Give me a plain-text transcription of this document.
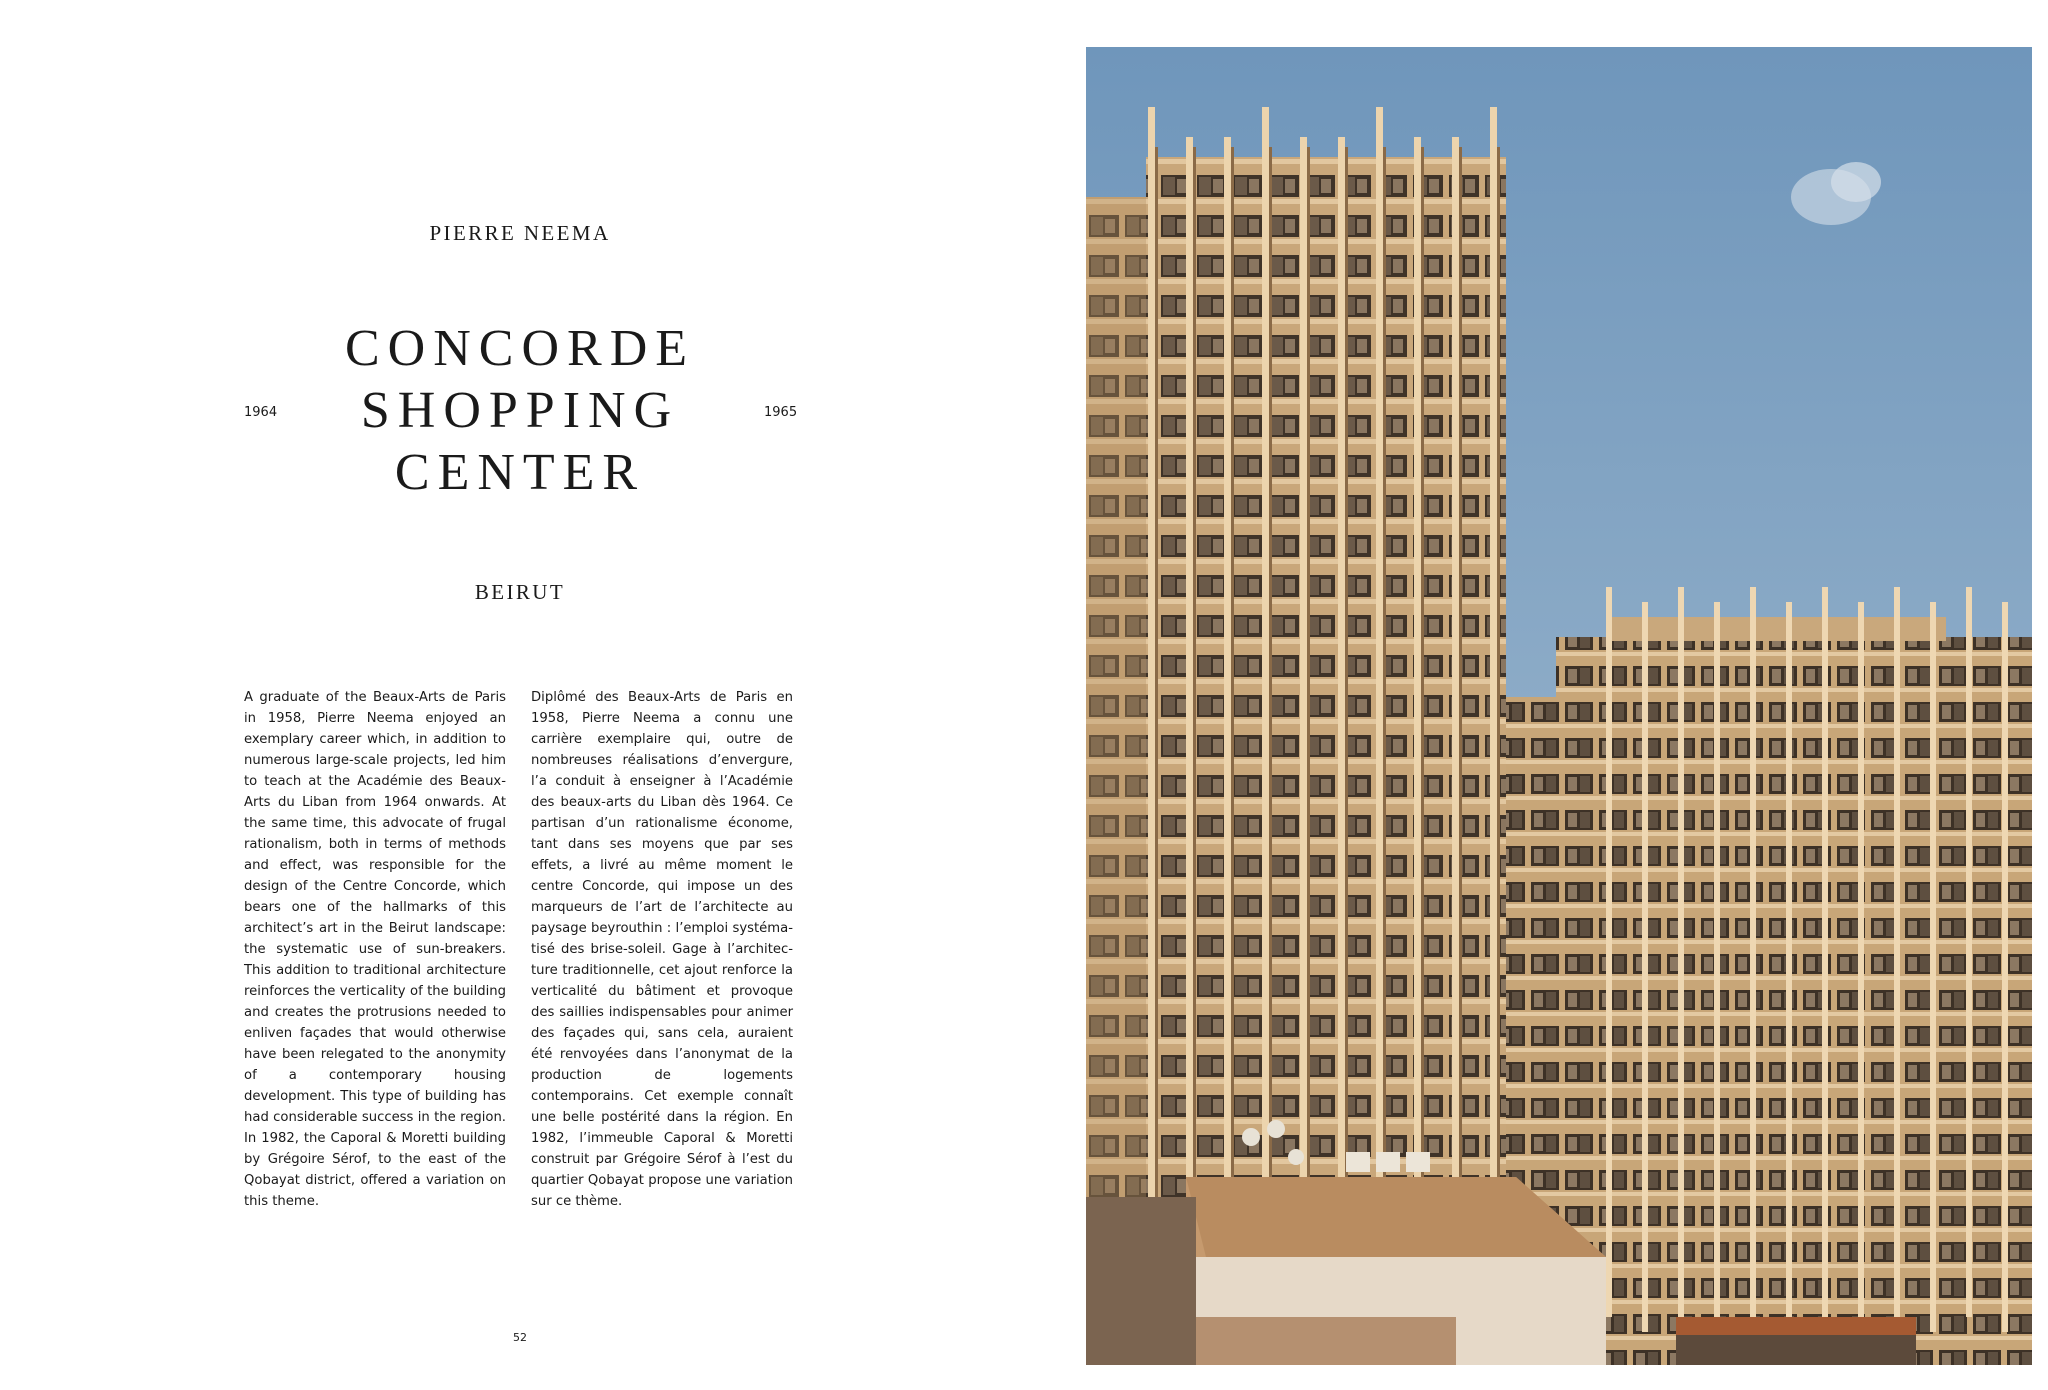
PIERRE NEEMA
1964
CONCORDE
SHOPPING
CENTER
1965
BEIRUT
A graduate of the Beaux-Arts de Paris in 1958, Pierre Neema enjoyed an exemplary career which, in addition to numerous large-scale projects, led him to teach at the Académie des Beaux-Arts du Liban from 1964 onwards. At the same time, this advocate of frugal rationalism, both in terms of methods and effect, was responsible for the design of the Centre Concorde, which bears one of the hallmarks of this architect’s art in the Beirut landscape: the systematic use of sun-breakers. This addition to traditional architecture reinforces the verticality of the building and creates the protrusions needed to enliven façades that would otherwise have been relegated to the anonymity of a contemporary housing development. This type of building has had considerable success in the region. In 1982, the Caporal & Moretti building by Grégoire Sérof, to the east of the Qobayat district, offered a variation on this theme.
Diplômé des Beaux-Arts de Paris en 1958, Pierre Neema a connu une carrière exemplaire qui, outre de nombreuses réalisations d’envergure, l’a conduit à enseigner à l’Académie des beaux-arts du Liban dès 1964. Ce partisan d’un rationalisme économe, tant dans ses moyens que par ses effets, a livré au même moment le centre Concorde, qui impose un des marqueurs de l’art de l’architecte au paysage beyrouthin : l’emploi systématisé des brise-soleil. Gage à l’architecture traditionnelle, cet ajout renforce la verticalité du bâtiment et provoque des saillies indispensables pour animer des façades qui, sans cela, auraient été renvoyées dans l’anonymat de la production de logements contemporains. Cet exemple connaît une belle postérité dans la région. En 1982, l’immeuble Caporal & Moretti construit par Grégoire Sérof à l’est du quartier Qobayat propose une variation sur ce thème.
52
